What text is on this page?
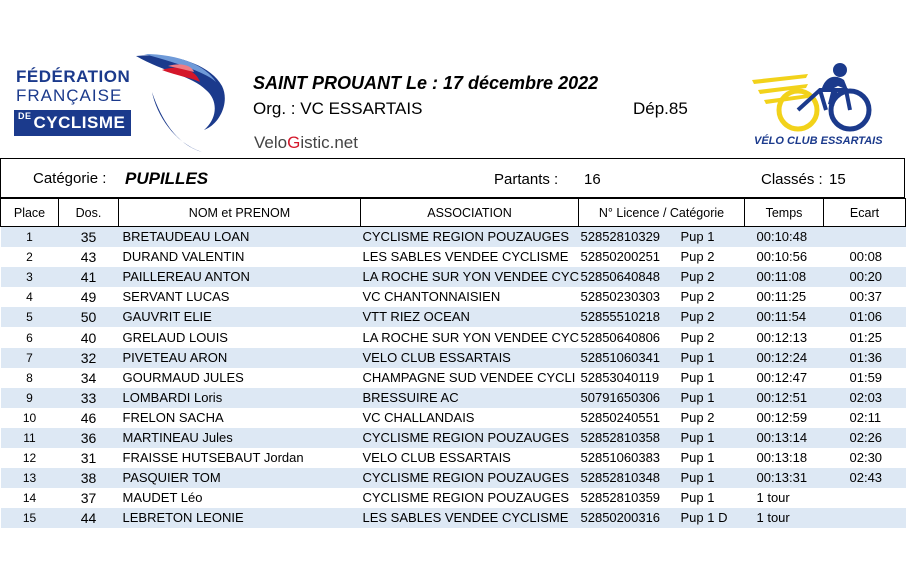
FÉDÉRATION
FRANÇAISE
$^{DE}$ CYCLISME
SAINT PROUANT Le : 17 décembre 2022
Org. : VC ESSARTAIS	Dép.85
VeloGistic.net	VÉLO CLUB ESSARTAIS
Catégorie : PUPILLES	Partants : 16	Classés : 15
Place	Dos.	NOM et PRENOM	ASSOCIATION	N° Licence / Catégorie	Temps	Ecart
1	35	BRETAUDEAU LOAN	CYCLISME REGION POUZAUGES	52852810329 Pup 1	00:10:48	
2	43	DURAND VALENTIN	LES SABLES VENDEE CYCLISME	52850200251 Pup 2	00:10:56	00:08
3	41	PAILLEREAU ANTON	LA ROCHE SUR YON VENDEE CYC	52850640848 Pup 2	00:11:08	00:20
4	49	SERVANT LUCAS	VC CHANTONNAISIEN	52850230303 Pup 2	00:11:25	00:37
5	50	GAUVRIT ELIE	VTT RIEZ OCEAN	52855510218 Pup 2	00:11:54	01:06
6	40	GRELAUD LOUIS	LA ROCHE SUR YON VENDEE CYC	52850640806 Pup 2	00:12:13	01:25
7	32	PIVETEAU ARON	VELO CLUB ESSARTAIS	52851060341 Pup 1	00:12:24	01:36
8	34	GOURMAUD JULES	CHAMPAGNE SUD VENDEE CYCLI	52853040119 Pup 1	00:12:47	01:59
9	33	LOMBARDI Loris	BRESSUIRE AC	50791650306 Pup 1	00:12:51	02:03
10	46	FRELON SACHA	VC CHALLANDAIS	52850240551 Pup 2	00:12:59	02:11
11	36	MARTINEAU Jules	CYCLISME REGION POUZAUGES	52852810358 Pup 1	00:13:14	02:26
12	31	FRAISSE HUTSEBAUT Jordan	VELO CLUB ESSARTAIS	52851060383 Pup 1	00:13:18	02:30
13	38	PASQUIER TOM	CYCLISME REGION POUZAUGES	52852810348 Pup 1	00:13:31	02:43
14	37	MAUDET Léo	CYCLISME REGION POUZAUGES	52852810359 Pup 1	1 tour	
15	44	LEBRETON LEONIE	LES SABLES VENDEE CYCLISME	52850200316 Pup 1 D	1 tour	
